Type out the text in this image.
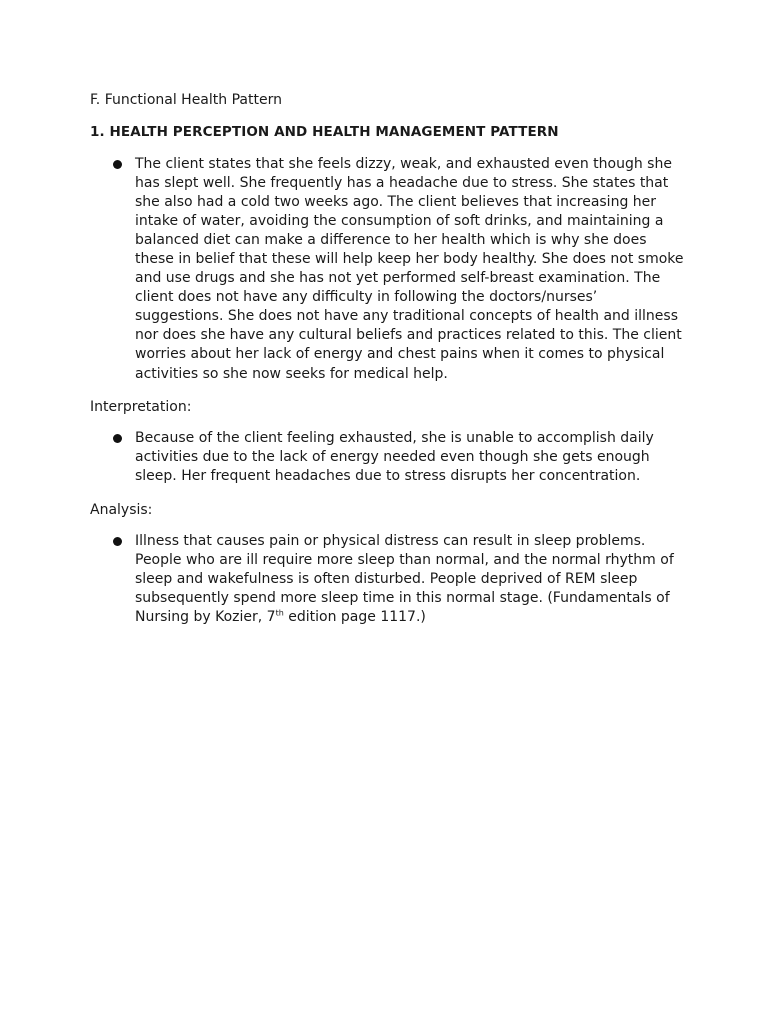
F. Functional Health Pattern
1. HEALTH PERCEPTION AND HEALTH MANAGEMENT PATTERN
The client states that she feels dizzy, weak, and exhausted even though she
has slept well. She frequently has a headache due to stress. She states that
she also had a cold two weeks ago. The client believes that increasing her
intake of water, avoiding the consumption of soft drinks, and maintaining a
balanced diet can make a difference to her health which is why she does
these in belief that these will help keep her body healthy. She does not smoke
and use drugs and she has not yet performed self-breast examination. The
client does not have any difficulty in following the doctors/nurses’
suggestions. She does not have any traditional concepts of health and illness
nor does she have any cultural beliefs and practices related to this. The client
worries about her lack of energy and chest pains when it comes to physical
activities so she now seeks for medical help.
Interpretation:
Because of the client feeling exhausted, she is unable to accomplish daily
activities due to the lack of energy needed even though she gets enough
sleep. Her frequent headaches due to stress disrupts her concentration.
Analysis:
Illness that causes pain or physical distress can result in sleep problems.
People who are ill require more sleep than normal, and the normal rhythm of
sleep and wakefulness is often disturbed. People deprived of REM sleep
subsequently spend more sleep time in this normal stage. (Fundamentals of
Nursing by Kozier, 7th edition page 1117.)
